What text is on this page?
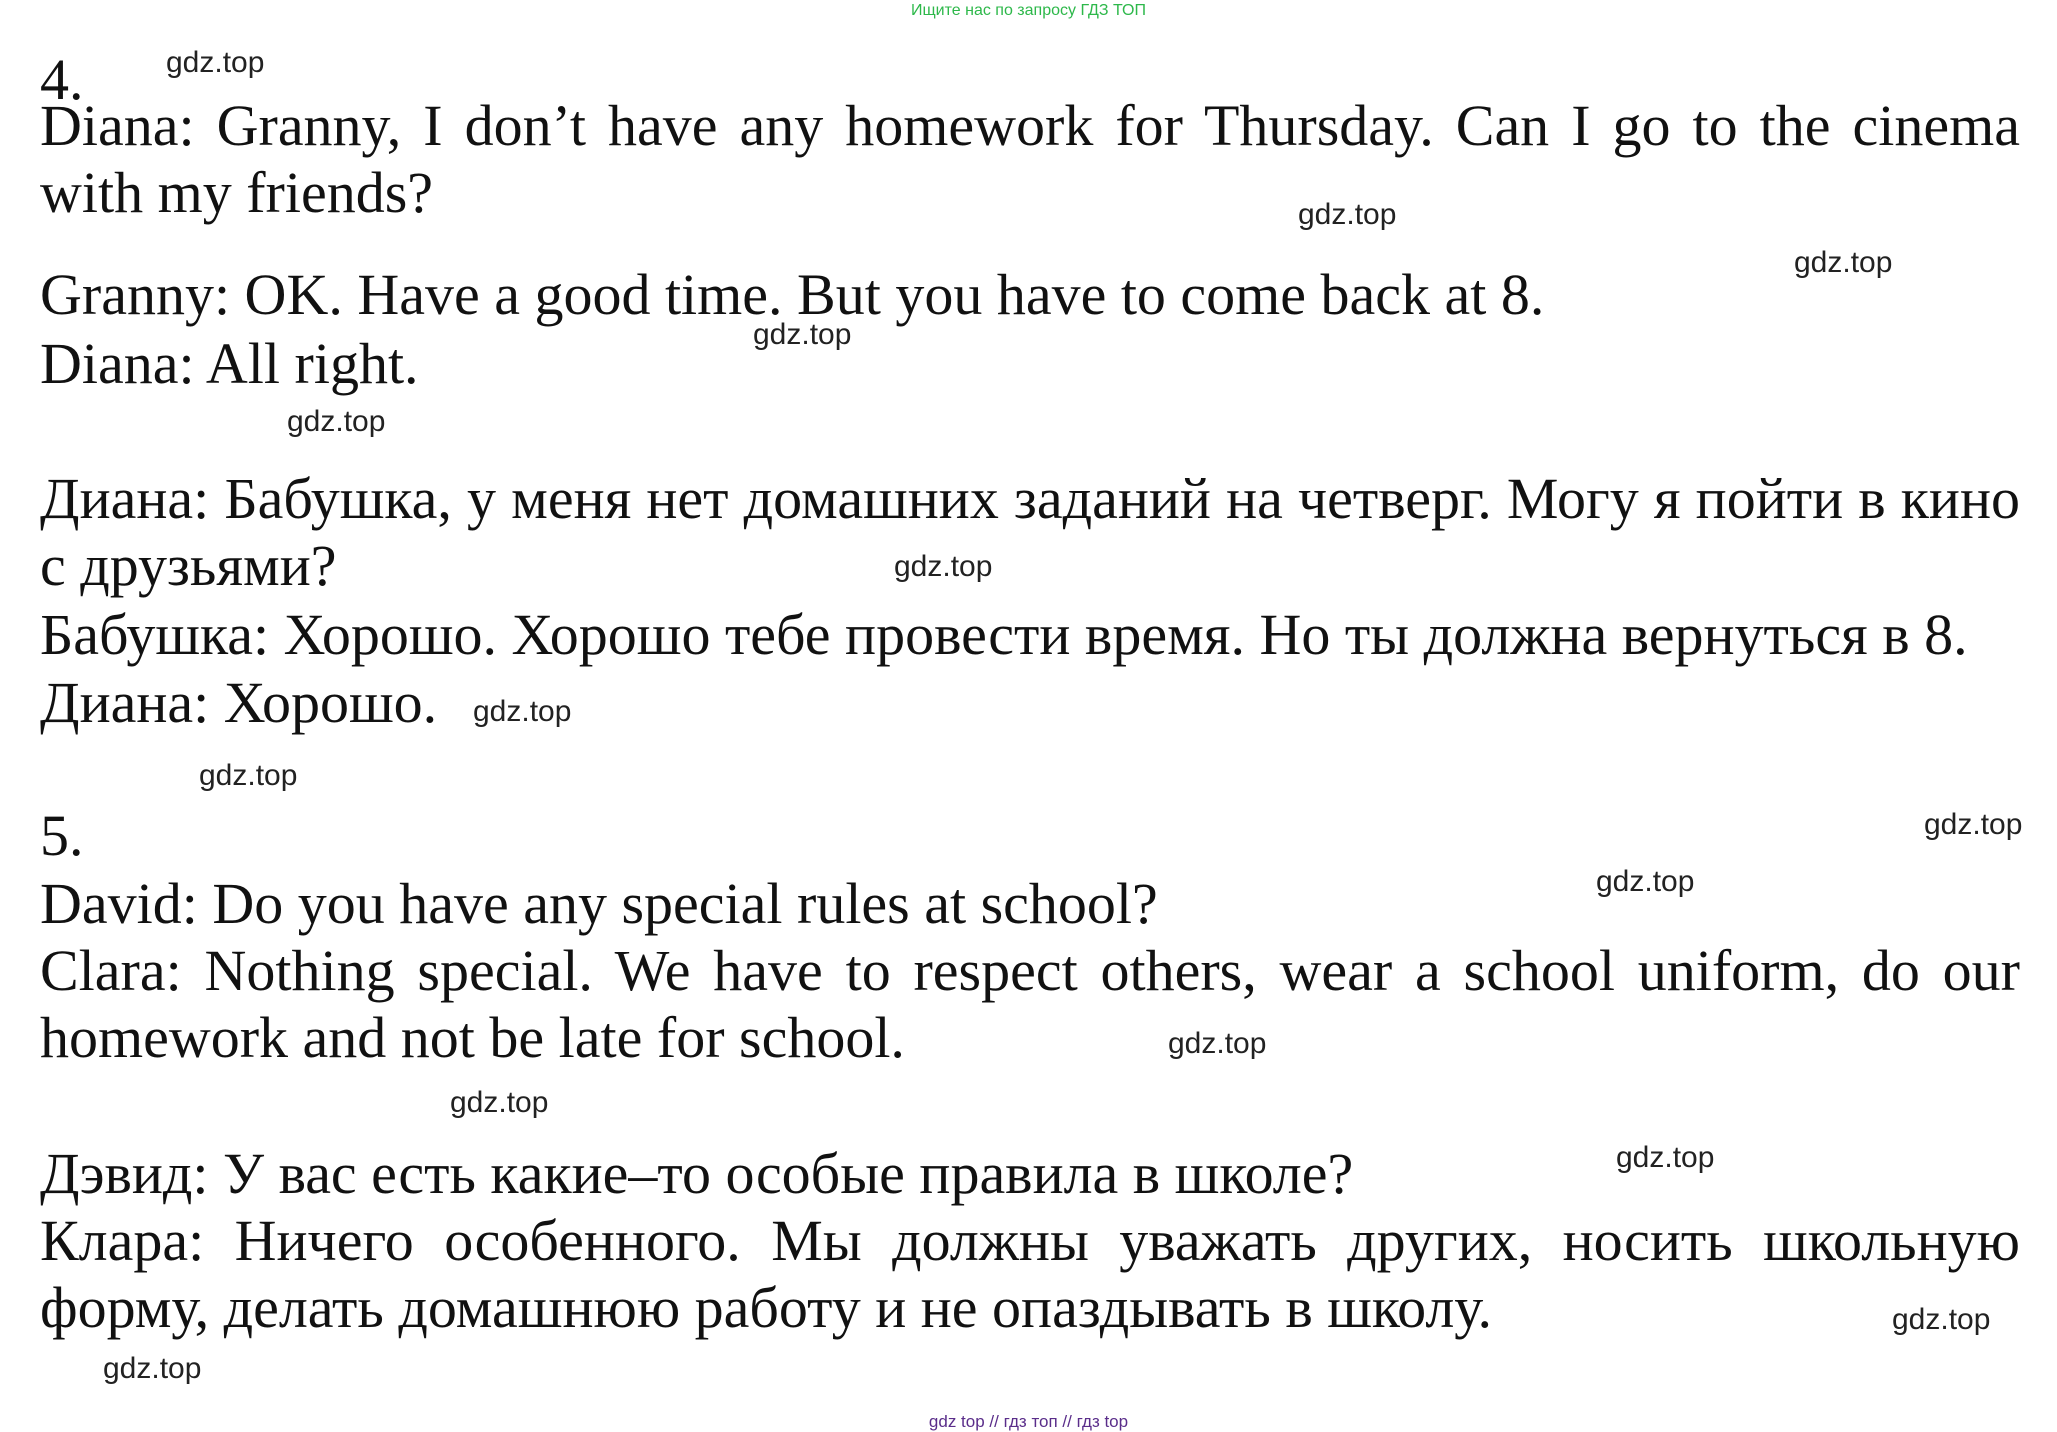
Ищите нас по запросу ГДЗ ТОП
4.
Diana: Granny, I don’t have any homework for Thursday. Can I go to the cinema with my friends?
Granny: OK. Have a good time. But you have to come back at 8.
Diana: All right.
Диана: Бабушка, у меня нет домашних заданий на четверг. Могу я пойти в кино с друзьями?
Бабушка: Хорошо. Хорошо тебе провести время. Но ты должна вернуться в 8.
Диана: Хорошо.
5.
David: Do you have any special rules at school?
Clara: Nothing special. We have to respect others, wear a school uniform, do our homework and not be late for school.
Дэвид: У вас есть какие–то особые правила в школе?
Клара: Ничего особенного. Мы должны уважать других, носить школьную форму, делать домашнюю работу и не опаздывать в школу.
gdz.top
gdz.top
gdz.top
gdz.top
gdz.top
gdz.top
gdz.top
gdz.top
gdz.top
gdz.top
gdz.top
gdz.top
gdz.top
gdz.top
gdz.top
gdz top // гдз топ // гдз top
